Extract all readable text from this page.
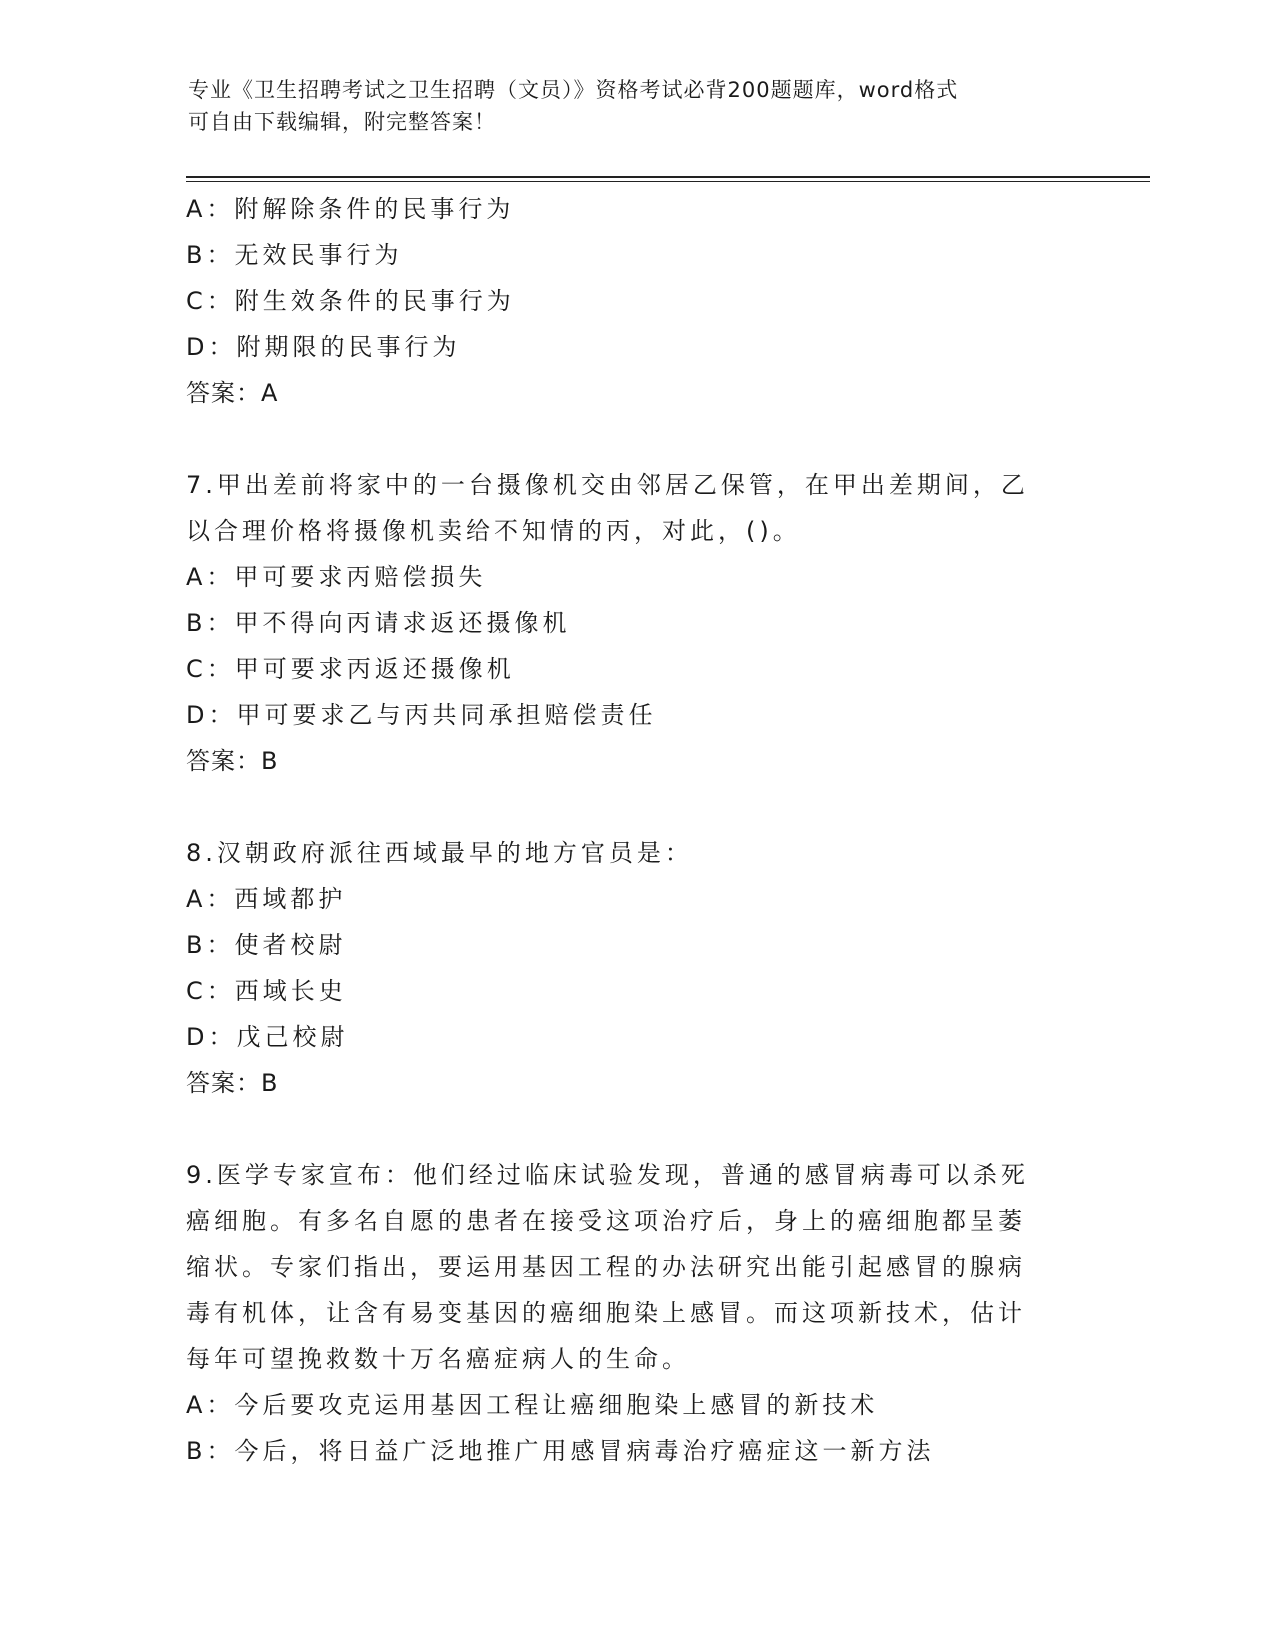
专业《卫生招聘考试之卫生招聘（文员）》资格考试必背200题题库，word格式
可自由下载编辑，附完整答案！
A：附解除条件的民事行为
B：无效民事行为
C：附生效条件的民事行为
D：附期限的民事行为
答案：A
7.甲出差前将家中的一台摄像机交由邻居乙保管，在甲出差期间，乙
以合理价格将摄像机卖给不知情的丙，对此，()。
A：甲可要求丙赔偿损失
B：甲不得向丙请求返还摄像机
C：甲可要求丙返还摄像机
D：甲可要求乙与丙共同承担赔偿责任
答案：B
8.汉朝政府派往西域最早的地方官员是：
A：西域都护
B：使者校尉
C：西域长史
D：戊己校尉
答案：B
9.医学专家宣布：他们经过临床试验发现，普通的感冒病毒可以杀死
癌细胞。有多名自愿的患者在接受这项治疗后，身上的癌细胞都呈萎
缩状。专家们指出，要运用基因工程的办法研究出能引起感冒的腺病
毒有机体，让含有易变基因的癌细胞染上感冒。而这项新技术，估计
每年可望挽救数十万名癌症病人的生命。
A：今后要攻克运用基因工程让癌细胞染上感冒的新技术
B：今后，将日益广泛地推广用感冒病毒治疗癌症这一新方法
